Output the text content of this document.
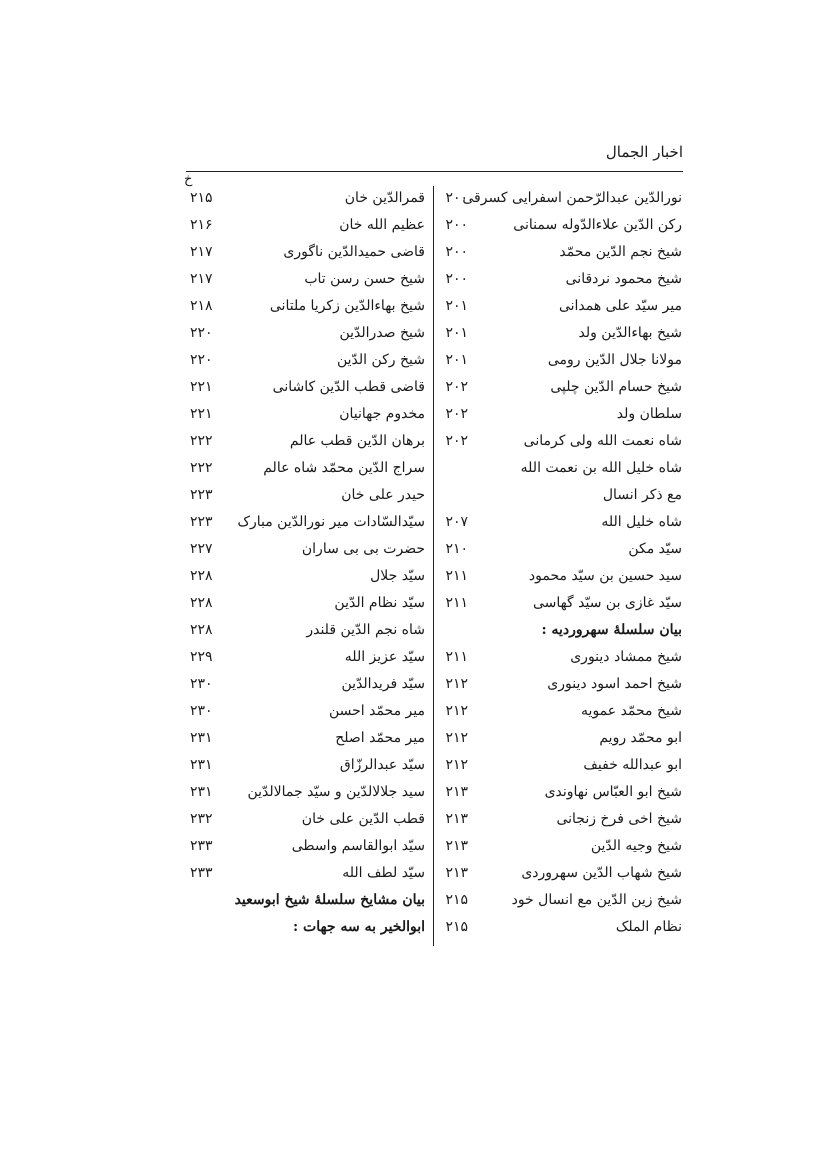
اخبار الجمال
خ
نورالدّین عبدالرّحمن اسفرایی کسرقی
۲۰۰
قمرالدّین خان
۲۱۵
رکن الدّین علاءالدّوله سمنانی
۲۰۰
عظیم الله خان
۲۱۶
شیخ نجم الدّین محمّد
۲۰۰
قاضی حمیدالدّین ناگوری
۲۱۷
شیخ محمود نردقانی
۲۰۰
شیخ حسن رسن تاب
۲۱۷
میر سیّد علی همدانی
۲۰۱
شیخ بهاءالدّین زکریا ملتانی
۲۱۸
شیخ بهاءالدّین ولد
۲۰۱
شیخ صدرالدّین
۲۲۰
مولانا جلال الدّین رومی
۲۰۱
شیخ رکن الدّین
۲۲۰
شیخ حسام الدّین چلپی
۲۰۲
قاضی قطب الدّین کاشانی
۲۲۱
سلطان ولد
۲۰۲
مخدوم جهانیان
۲۲۱
شاه نعمت الله ولی کرمانی
۲۰۲
برهان الدّین قطب عالم
۲۲۲
شاه خلیل الله بن نعمت الله
سراج الدّین محمّد شاه عالم
۲۲۲
مع ذکر انسال
حیدر علی خان
۲۲۳
شاه خلیل الله
۲۰۷
سیّدالسّادات میر نورالدّین مبارک
۲۲۳
سیّد مکن
۲۱۰
حضرت بی بی ساران
۲۲۷
سید حسین بن سیّد محمود
۲۱۱
سیّد جلال
۲۲۸
سیّد غازی بن سیّد گهاسی
۲۱۱
سیّد نظام الدّین
۲۲۸
بیان سلسلهٔ سهروردیه :
شاه نجم الدّین قلندر
۲۲۸
شیخ ممشاد دینوری
۲۱۱
سیّد عزیز الله
۲۲۹
شیخ احمد اسود دینوری
۲۱۲
سیّد فریدالدّین
۲۳۰
شیخ محمّد عمویه
۲۱۲
میر محمّد احسن
۲۳۰
ابو محمّد رویم
۲۱۲
میر محمّد اصلح
۲۳۱
ابو عبدالله خفیف
۲۱۲
سیّد عبدالرزّاق
۲۳۱
شیخ ابو العبّاس نهاوندی
۲۱۳
سید جلالالدّین و سیّد جمالالدّین
۲۳۱
شیخ اخی فرخ زنجانی
۲۱۳
قطب الدّین علی خان
۲۳۲
شیخ وجیه الدّین
۲۱۳
سیّد ابوالقاسم واسطی
۲۳۳
شیخ شهاب الدّین سهروردی
۲۱۳
سیّد لطف الله
۲۳۳
شیخ زین الدّین مع انسال خود
۲۱۵
بیان مشایخ سلسلهٔ شیخ ابوسعید
نظام الملک
۲۱۵
ابوالخیر به سه جهات :
